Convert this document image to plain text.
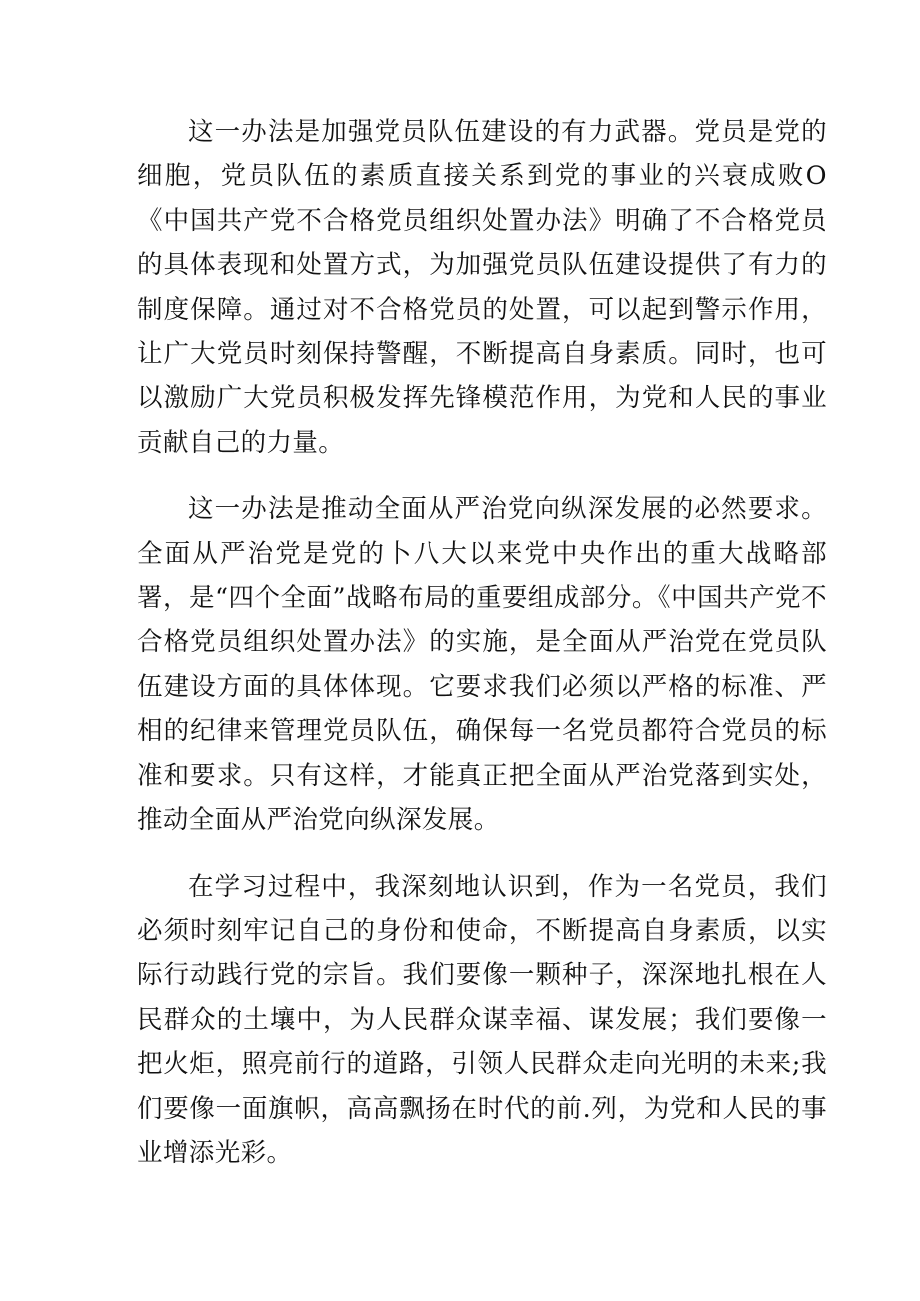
这一办法是加强党员队伍建设的有力武器。党员是党的细胞，党员队伍的素质直接关系到党的事业的兴衰成败O《中国共产党不合格党员组织处置办法》明确了不合格党员的具体表现和处置方式，为加强党员队伍建设提供了有力的制度保障。通过对不合格党员的处置，可以起到警示作用，让广大党员时刻保持警醒，不断提高自身素质。同时，也可以激励广大党员积极发挥先锋模范作用，为党和人民的事业贡献自己的力量。

这一办法是推动全面从严治党向纵深发展的必然要求。全面从严治党是党的卜八大以来党中央作出的重大战略部署，是“四个全面”战略布局的重要组成部分。《中国共产党不合格党员组织处置办法》的实施，是全面从严治党在党员队伍建设方面的具体体现。它要求我们必须以严格的标准、严相的纪律来管理党员队伍，确保每一名党员都符合党员的标准和要求。只有这样，才能真正把全面从严治党落到实处，推动全面从严治党向纵深发展。

在学习过程中，我深刻地认识到，作为一名党员，我们必须时刻牢记自己的身份和使命，不断提高自身素质，以实际行动践行党的宗旨。我们要像一颗种子，深深地扎根在人民群众的土壤中，为人民群众谋幸福、谋发展；我们要像一把火炬，照亮前行的道路，引领人民群众走向光明的未来;我们要像一面旗帜，高高飘扬在时代的前.列，为党和人民的事业增添光彩。
